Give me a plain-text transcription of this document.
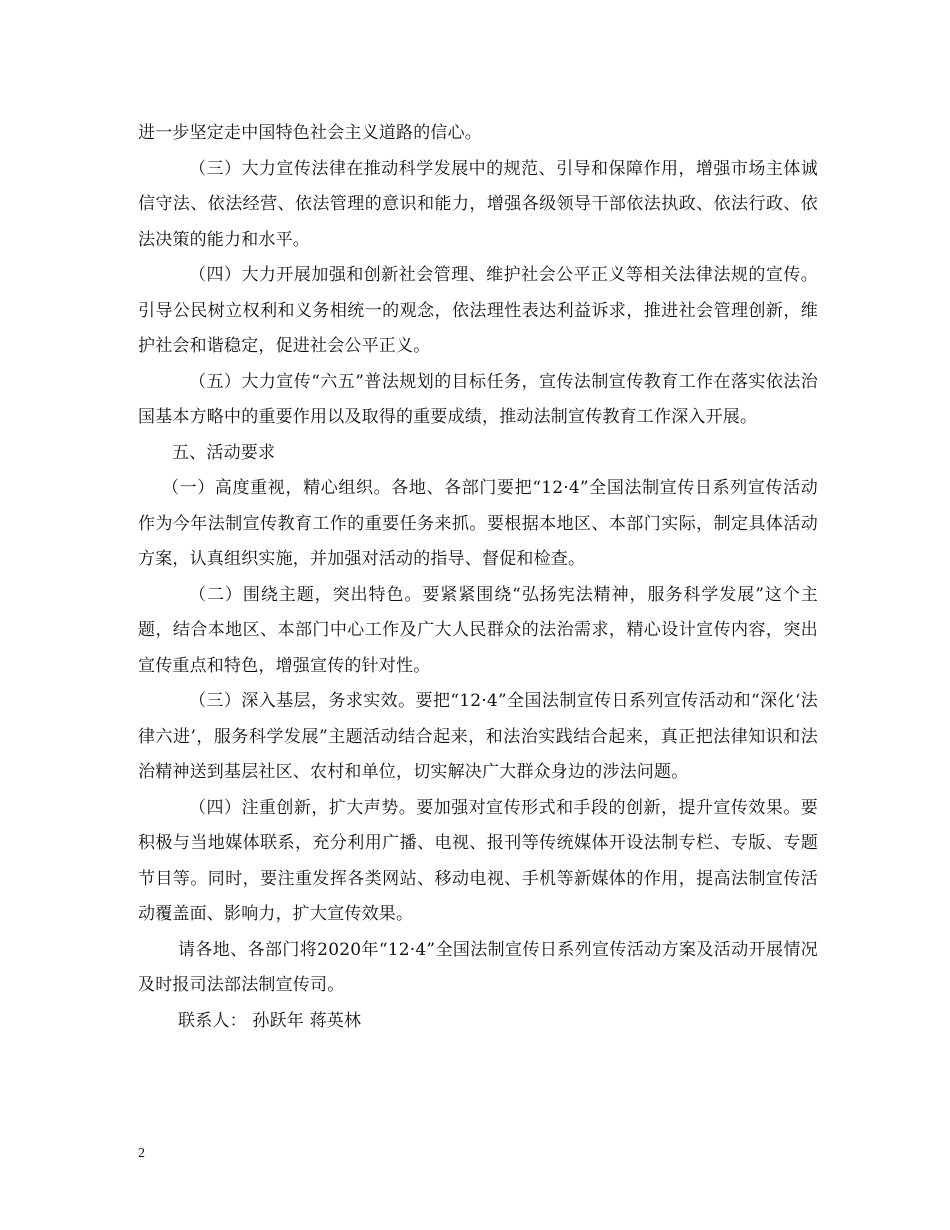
进一步坚定走中国特色社会主义道路的信心。

（三）大力宣传法律在推动科学发展中的规范、引导和保障作用，增强市场主体诚信守法、依法经营、依法管理的意识和能力，增强各级领导干部依法执政、依法行政、依法决策的能力和水平。

（四）大力开展加强和创新社会管理、维护社会公平正义等相关法律法规的宣传。引导公民树立权利和义务相统一的观念，依法理性表达利益诉求，推进社会管理创新，维护社会和谐稳定，促进社会公平正义。

（五）大力宣传“六五”普法规划的目标任务，宣传法制宣传教育工作在落实依法治国基本方略中的重要作用以及取得的重要成绩，推动法制宣传教育工作深入开展。

五、活动要求

（一）高度重视，精心组织。各地、各部门要把“12·4”全国法制宣传日系列宣传活动作为今年法制宣传教育工作的重要任务来抓。要根据本地区、本部门实际，制定具体活动方案，认真组织实施，并加强对活动的指导、督促和检查。

（二）围绕主题，突出特色。要紧紧围绕“弘扬宪法精神，服务科学发展”这个主题，结合本地区、本部门中心工作及广大人民群众的法治需求，精心设计宣传内容，突出宣传重点和特色，增强宣传的针对性。

（三）深入基层，务求实效。要把“12·4”全国法制宣传日系列宣传活动和“深化‘法律六进’，服务科学发展”主题活动结合起来，和法治实践结合起来，真正把法律知识和法治精神送到基层社区、农村和单位，切实解决广大群众身边的涉法问题。

（四）注重创新，扩大声势。要加强对宣传形式和手段的创新，提升宣传效果。要积极与当地媒体联系，充分利用广播、电视、报刊等传统媒体开设法制专栏、专版、专题节目等。同时，要注重发挥各类网站、移动电视、手机等新媒体的作用，提高法制宣传活动覆盖面、影响力，扩大宣传效果。

请各地、各部门将2020年“12·4”全国法制宣传日系列宣传活动方案及活动开展情况及时报司法部法制宣传司。

联系人： 孙跃年 蒋英林

2
